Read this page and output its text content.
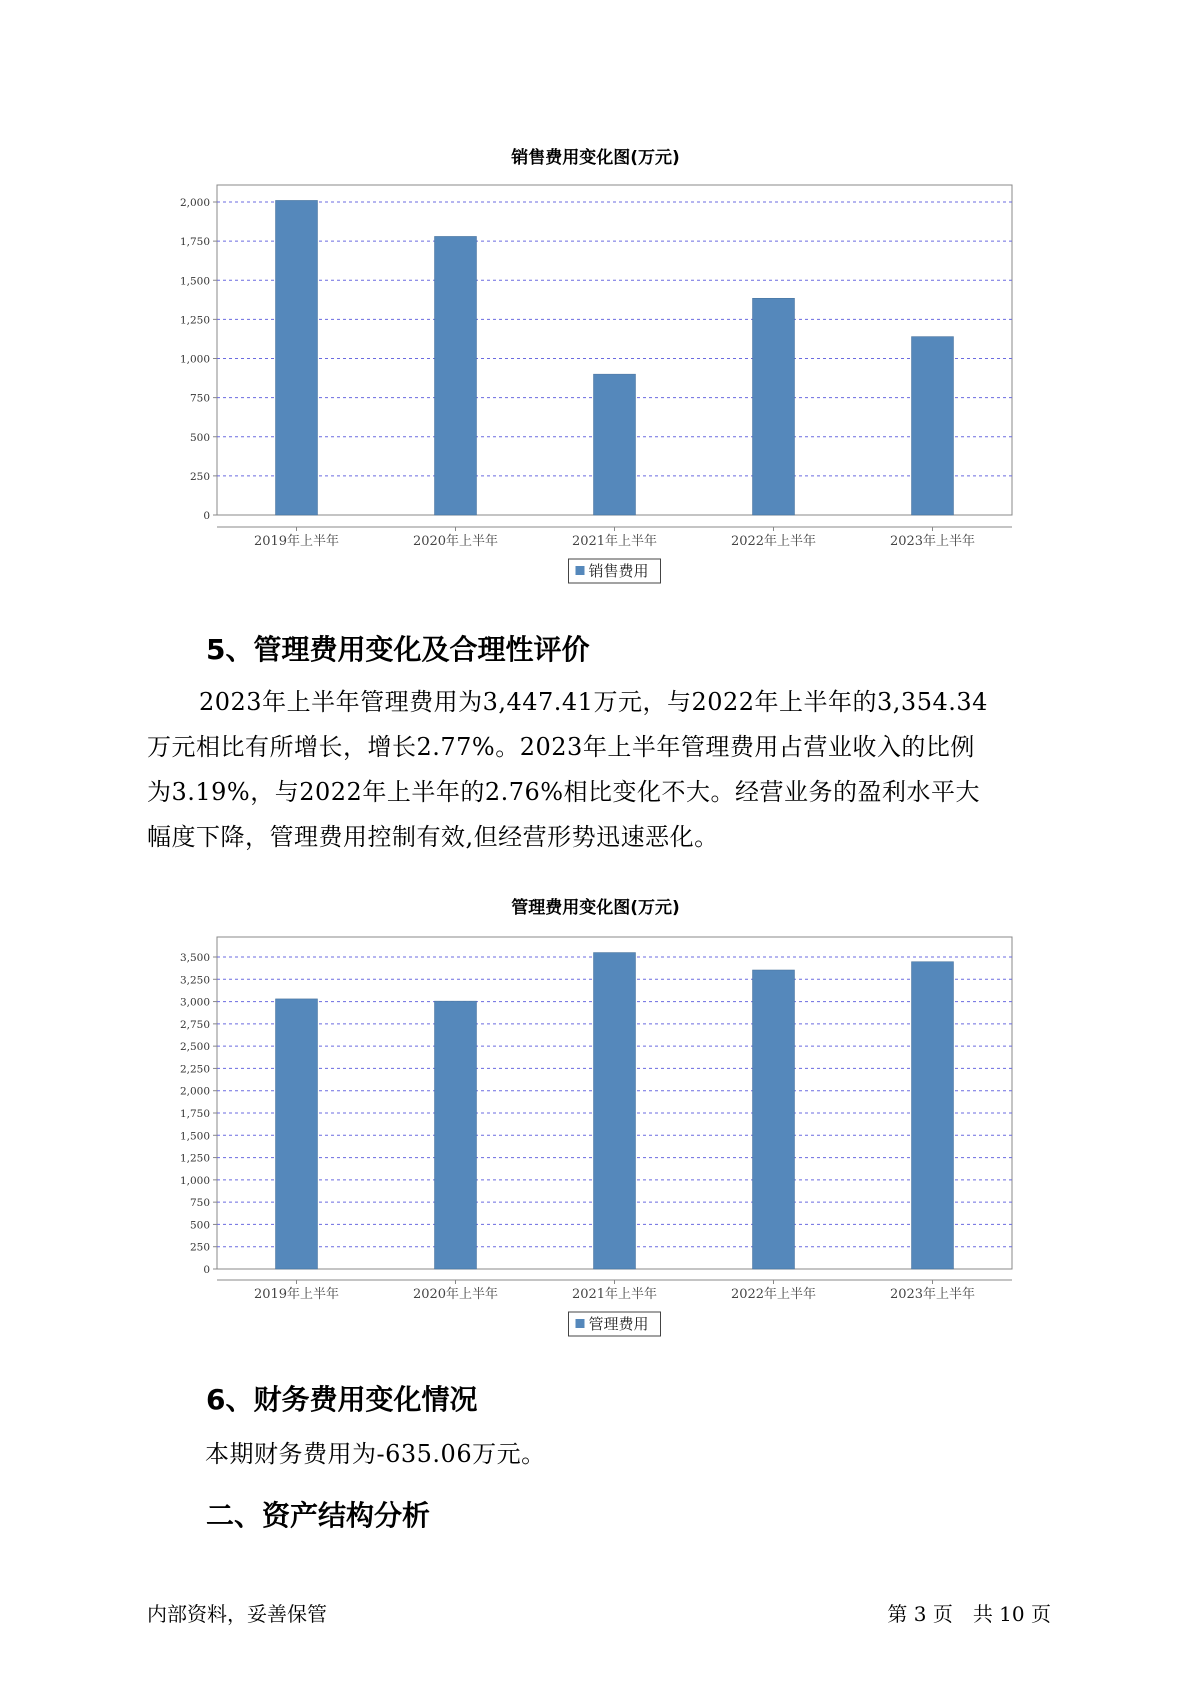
销售费用变化图(万元)
0
250
500
750
1,000
1,250
1,500
1,750
2,000
2019年上半年	2020年上半年	2021年上半年	2022年上半年	2023年上半年
销售费用
5、管理费用变化及合理性评价
2023年上半年管理费用为3,447.41万元，与2022年上半年的3,354.34
万元相比有所增长，增长2.77%。2023年上半年管理费用占营业收入的比例
为3.19%，与2022年上半年的2.76%相比变化不大。经营业务的盈利水平大
幅度下降，管理费用控制有效,但经营形势迅速恶化。
管理费用变化图(万元)
0
250
500
750
1,000
1,250
1,500
1,750
2,000
2,250
2,500
2,750
3,000
3,250
3,500
2019年上半年	2020年上半年	2021年上半年	2022年上半年	2023年上半年
管理费用
6、财务费用变化情况
本期财务费用为-635.06万元。
二、资产结构分析
内部资料，妥善保管	第 3 页　共 10 页
